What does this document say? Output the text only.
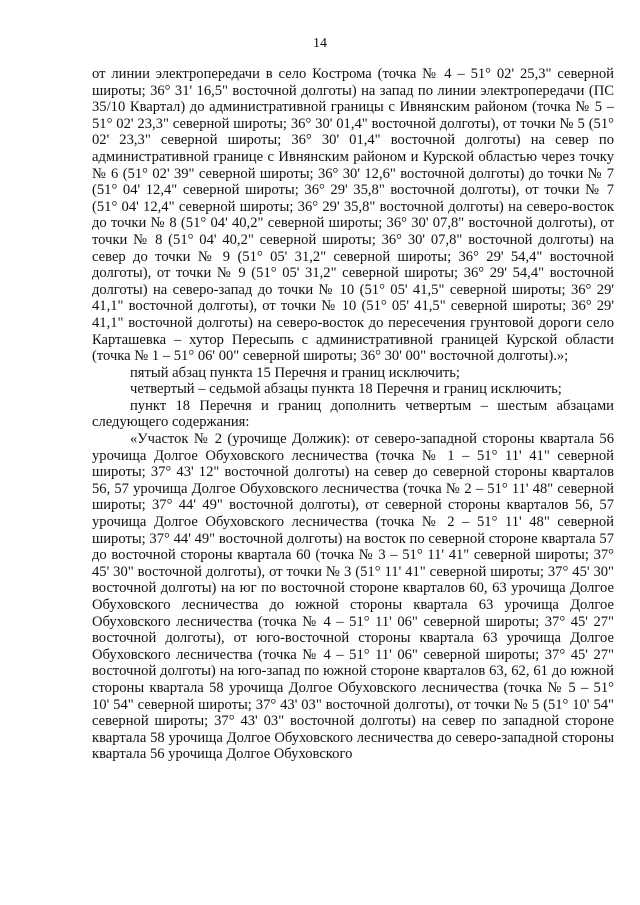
14

от линии электропередачи в село Кострома (точка № 4 – 51° 02' 25,3" северной широты; 36° 31' 16,5" восточной долготы) на запад по линии электропередачи (ПС 35/10 Квартал) до административной границы с Ивнянским районом (точка № 5 – 51° 02' 23,3" северной широты; 36° 30' 01,4" восточной долготы), от точки № 5 (51° 02' 23,3" северной широты; 36° 30' 01,4" восточной долготы) на север по административной границе с Ивнянским районом и Курской областью через точку № 6 (51° 02' 39" северной широты; 36° 30' 12,6" восточной долготы) до точки № 7 (51° 04' 12,4" северной широты; 36° 29' 35,8" восточной долготы), от точки № 7 (51° 04' 12,4" северной широты; 36° 29' 35,8" восточной долготы) на северо-восток до точки № 8 (51° 04' 40,2" северной широты; 36° 30' 07,8" восточной долготы), от точки № 8 (51° 04' 40,2" северной широты; 36° 30' 07,8" восточной долготы) на север до точки № 9 (51° 05' 31,2" северной широты; 36° 29' 54,4" восточной долготы), от точки № 9 (51° 05' 31,2" северной широты; 36° 29' 54,4" восточной долготы) на северо-запад до точки № 10 (51° 05' 41,5" северной широты; 36° 29' 41,1" восточной долготы), от точки № 10 (51° 05' 41,5" северной широты; 36° 29' 41,1" восточной долготы) на северо-восток до пересечения грунтовой дороги село Карташевка – хутор Пересыпь с административной границей Курской области (точка № 1 – 51° 06' 00" северной широты; 36° 30' 00" восточной долготы).»;

пятый абзац пункта 15 Перечня и границ исключить;

четвертый – седьмой абзацы пункта 18 Перечня и границ исключить;

пункт 18 Перечня и границ дополнить четвертым – шестым абзацами следующего содержания:

«Участок № 2 (урочище Должик): от северо-западной стороны квартала 56 урочища Долгое Обуховского лесничества (точка № 1 – 51° 11' 41" северной широты; 37° 43' 12" восточной долготы) на север до северной стороны кварталов 56, 57 урочища Долгое Обуховского лесничества (точка № 2 – 51° 11' 48" северной широты; 37° 44' 49" восточной долготы), от северной стороны кварталов 56, 57 урочища Долгое Обуховского лесничества (точка № 2 – 51° 11' 48" северной широты; 37° 44' 49" восточной долготы) на восток по северной стороне квартала 57 до восточной стороны квартала 60 (точка № 3 – 51° 11' 41" северной широты; 37° 45' 30" восточной долготы), от точки № 3 (51° 11' 41" северной широты; 37° 45' 30" восточной долготы) на юг по восточной стороне кварталов 60, 63 урочища Долгое Обуховского лесничества до южной стороны квартала 63 урочища Долгое Обуховского лесничества (точка № 4 – 51° 11' 06" северной широты; 37° 45' 27" восточной долготы), от юго-восточной стороны квартала 63 урочища Долгое Обуховского лесничества (точка № 4 – 51° 11' 06" северной широты; 37° 45' 27" восточной долготы) на юго-запад по южной стороне кварталов 63, 62, 61 до южной стороны квартала 58 урочища Долгое Обуховского лесничества (точка № 5 – 51° 10' 54" северной широты; 37° 43' 03" восточной долготы), от точки № 5 (51° 10' 54" северной широты; 37° 43' 03" восточной долготы) на север по западной стороне квартала 58 урочища Долгое Обуховского лесничества до северо-западной стороны квартала 56 урочища Долгое Обуховского
